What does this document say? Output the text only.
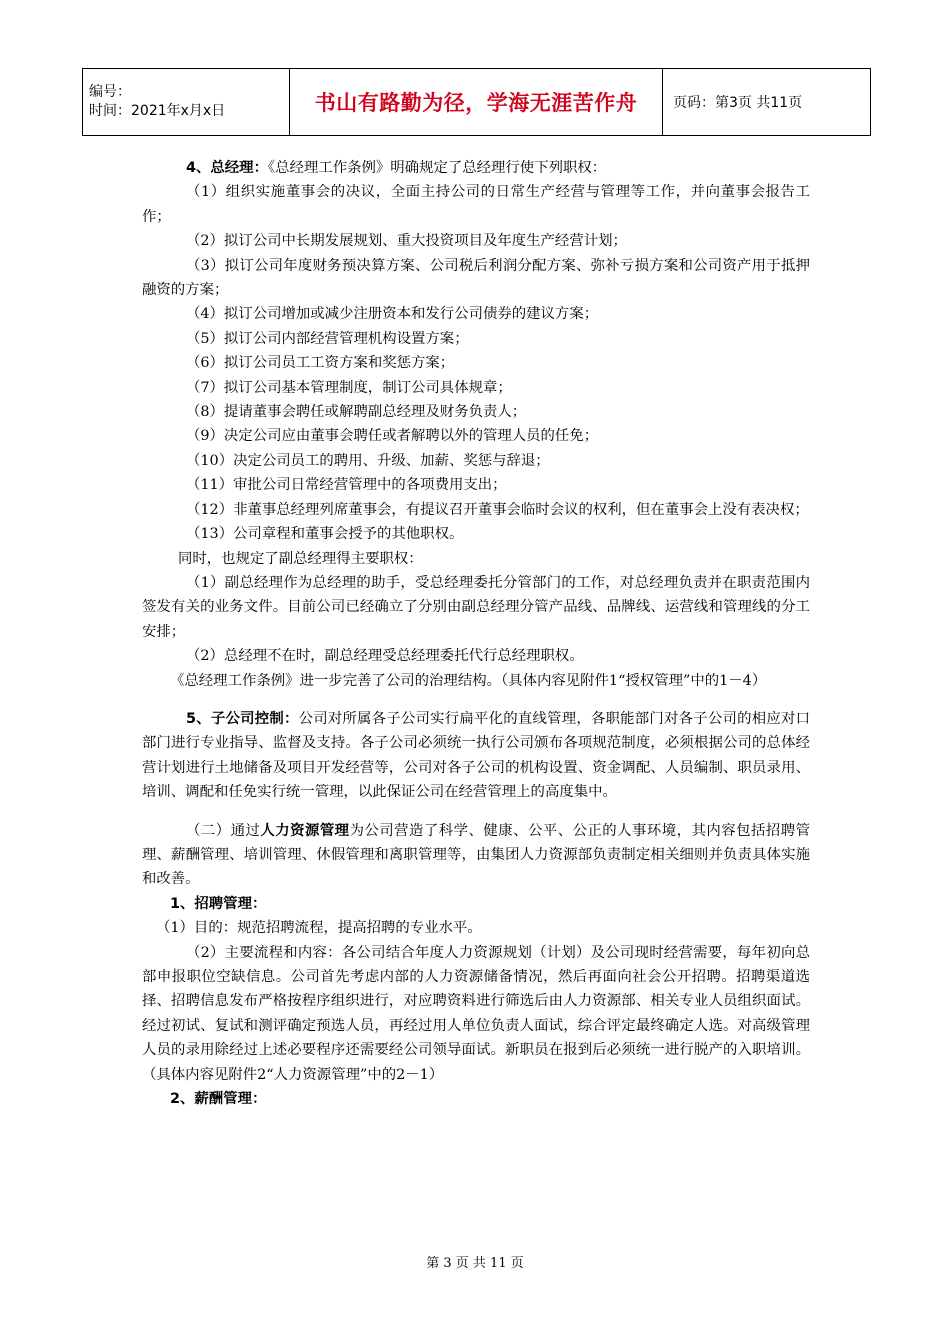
编号：
时间：2021年x月x日	书山有路勤为径，学海无涯苦作舟	页码：第3页 共11页

4、总经理：《总经理工作条例》明确规定了总经理行使下列职权：

（1）组织实施董事会的决议，全面主持公司的日常生产经营与管理等工作，并向董事会报告工作；

（2）拟订公司中长期发展规划、重大投资项目及年度生产经营计划；

（3）拟订公司年度财务预决算方案、公司税后利润分配方案、弥补亏损方案和公司资产用于抵押融资的方案；

（4）拟订公司增加或减少注册资本和发行公司债券的建议方案；

（5）拟订公司内部经营管理机构设置方案；

（6）拟订公司员工工资方案和奖惩方案；

（7）拟订公司基本管理制度，制订公司具体规章；

（8）提请董事会聘任或解聘副总经理及财务负责人；

（9）决定公司应由董事会聘任或者解聘以外的管理人员的任免；

（10）决定公司员工的聘用、升级、加薪、奖惩与辞退；

（11）审批公司日常经营管理中的各项费用支出；

（12）非董事总经理列席董事会，有提议召开董事会临时会议的权利，但在董事会上没有表决权；

（13）公司章程和董事会授予的其他职权。

同时，也规定了副总经理得主要职权：

（1）副总经理作为总经理的助手，受总经理委托分管部门的工作，对总经理负责并在职责范围内签发有关的业务文件。目前公司已经确立了分别由副总经理分管产品线、品牌线、运营线和管理线的分工安排；

（2）总经理不在时，副总经理受总经理委托代行总经理职权。

《总经理工作条例》进一步完善了公司的治理结构。（具体内容见附件1“授权管理”中的1－4）

5、子公司控制：公司对所属各子公司实行扁平化的直线管理，各职能部门对各子公司的相应对口部门进行专业指导、监督及支持。各子公司必须统一执行公司颁布各项规范制度，必须根据公司的总体经营计划进行土地储备及项目开发经营等，公司对各子公司的机构设置、资金调配、人员编制、职员录用、培训、调配和任免实行统一管理，以此保证公司在经营管理上的高度集中。

（二）通过人力资源管理为公司营造了科学、健康、公平、公正的人事环境，其内容包括招聘管理、薪酬管理、培训管理、休假管理和离职管理等，由集团人力资源部负责制定相关细则并负责具体实施和改善。

1、招聘管理：

（1）目的：规范招聘流程，提高招聘的专业水平。

（2）主要流程和内容：各公司结合年度人力资源规划（计划）及公司现时经营需要，每年初向总部申报职位空缺信息。公司首先考虑内部的人力资源储备情况，然后再面向社会公开招聘。招聘渠道选择、招聘信息发布严格按程序组织进行，对应聘资料进行筛选后由人力资源部、相关专业人员组织面试。经过初试、复试和测评确定预选人员，再经过用人单位负责人面试，综合评定最终确定人选。对高级管理人员的录用除经过上述必要程序还需要经公司领导面试。新职员在报到后必须统一进行脱产的入职培训。（具体内容见附件2“人力资源管理”中的2－1）

2、薪酬管理：

第 3 页 共 11 页
